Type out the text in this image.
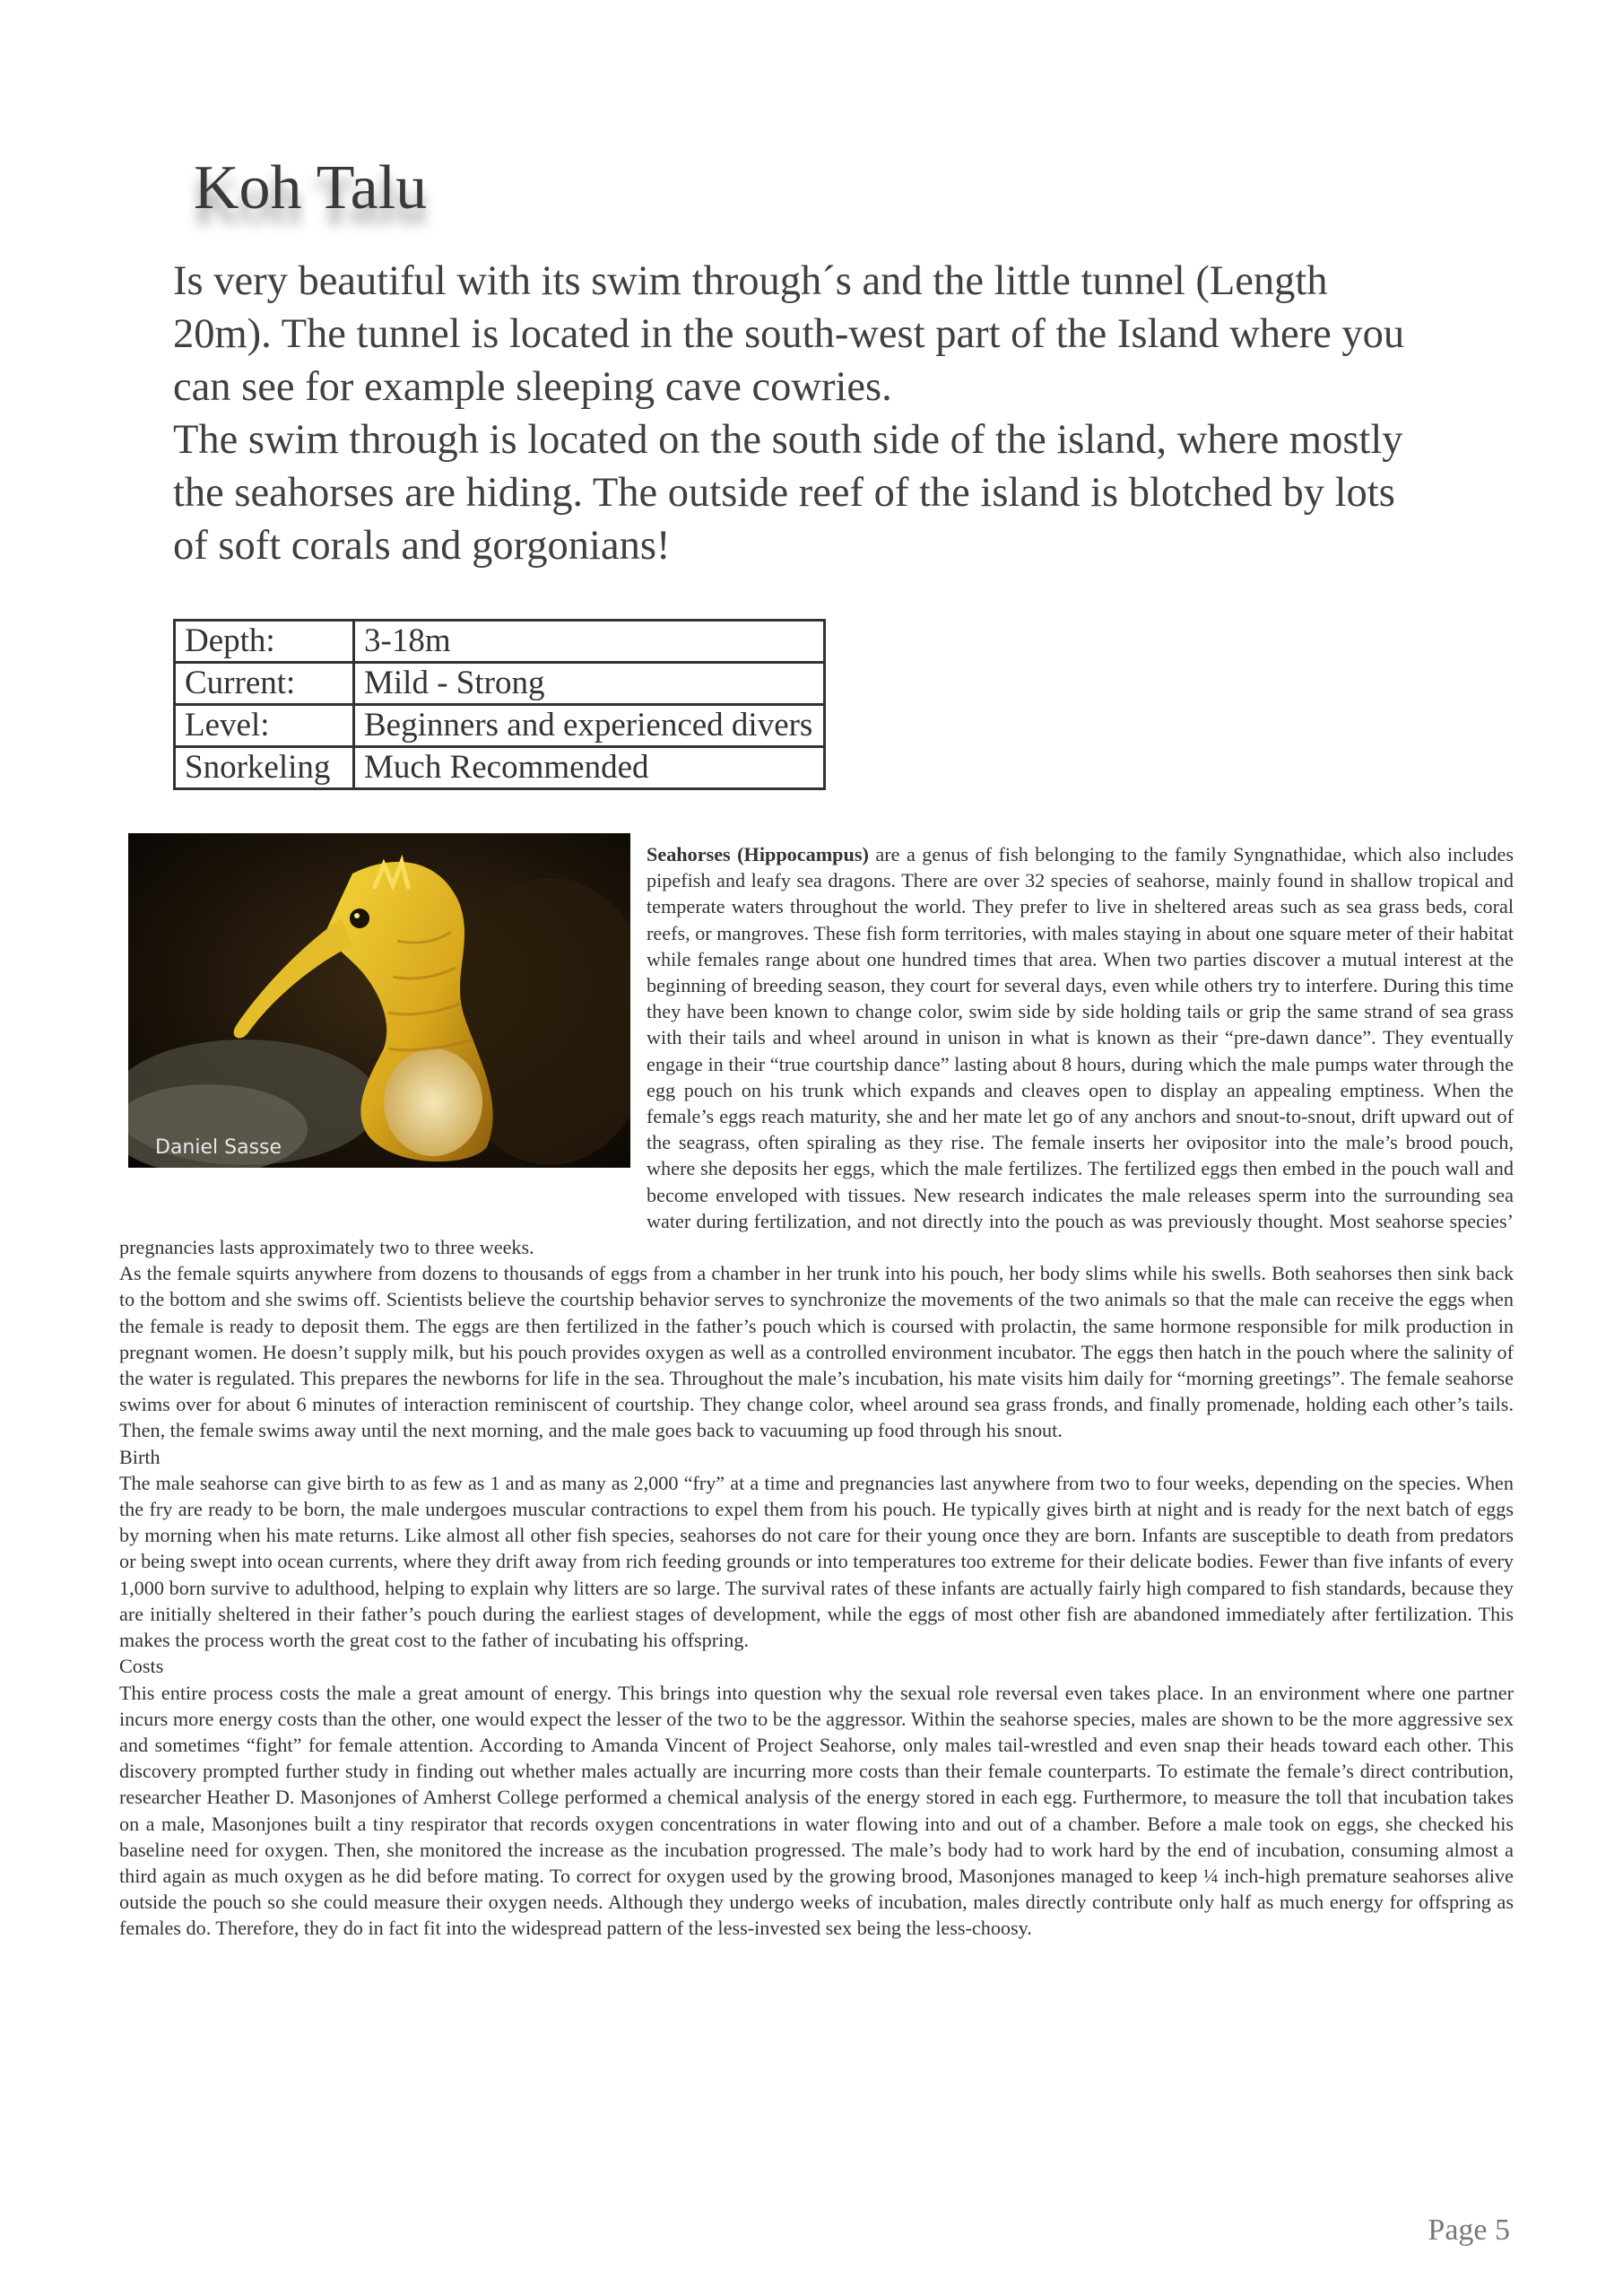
Koh Talu

Is very beautiful with its swim through´s and the little tunnel (Length 20m). The tunnel is located in the south-west part of the Island where you can see for example sleeping cave cowries.

The swim through is located on the south side of the island, where mostly the seahorses are hiding. The outside reef of the island is blotched by lots of soft corals and gorgonians!

Depth:	3-18m
Current:	Mild - Strong
Level:	Beginners and experienced divers
Snorkeling	Much Recommended
Daniel Sasse

Seahorses (Hippocampus) are a genus of fish belonging to the family Syngnathidae, which also includes pipefish and leafy sea dragons. There are over 32 species of seahorse, mainly found in shallow tropical and temperate waters throughout the world. They prefer to live in sheltered areas such as sea grass beds, coral reefs, or mangroves. These fish form territories, with males staying in about one square meter of their habitat while females range about one hundred times that area. When two parties discover a mutual interest at the beginning of breeding season, they court for several days, even while others try to interfere. During this time they have been known to change color, swim side by side holding tails or grip the same strand of sea grass with their tails and wheel around in unison in what is known as their “pre-dawn dance”. They eventually engage in their “true courtship dance” lasting about 8 hours, during which the male pumps water through the egg pouch on his trunk which expands and cleaves open to display an appealing emptiness. When the female’s eggs reach maturity, she and her mate let go of any anchors and snout-to-snout, drift upward out of the seagrass, often spiraling as they rise. The female inserts her ovipositor into the male’s brood pouch, where she deposits her eggs, which the male fertilizes. The fertilized eggs then embed in the pouch wall and become enveloped with tissues. New research indicates the male releases sperm into the surrounding sea water during fertilization, and not directly into the pouch as was previously thought. Most seahorse species’ pregnancies lasts approximately two to three weeks.

As the female squirts anywhere from dozens to thousands of eggs from a chamber in her trunk into his pouch, her body slims while his swells. Both seahorses then sink back to the bottom and she swims off. Scientists believe the courtship behavior serves to synchronize the movements of the two animals so that the male can receive the eggs when the female is ready to deposit them. The eggs are then fertilized in the father’s pouch which is coursed with prolactin, the same hormone responsible for milk production in pregnant women. He doesn’t supply milk, but his pouch provides oxygen as well as a controlled environment incubator. The eggs then hatch in the pouch where the salinity of the water is regulated. This prepares the newborns for life in the sea. Throughout the male’s incubation, his mate visits him daily for “morning greetings”. The female seahorse swims over for about 6 minutes of interaction reminiscent of courtship. They change color, wheel around sea grass fronds, and finally promenade, holding each other’s tails. Then, the female swims away until the next morning, and the male goes back to vacuuming up food through his snout.

Birth

The male seahorse can give birth to as few as 1 and as many as 2,000 “fry” at a time and pregnancies last anywhere from two to four weeks, depending on the species. When the fry are ready to be born, the male undergoes muscular contractions to expel them from his pouch. He typically gives birth at night and is ready for the next batch of eggs by morning when his mate returns. Like almost all other fish species, seahorses do not care for their young once they are born. Infants are susceptible to death from predators or being swept into ocean currents, where they drift away from rich feeding grounds or into temperatures too extreme for their delicate bodies. Fewer than five infants of every 1,000 born survive to adulthood, helping to explain why litters are so large. The survival rates of these infants are actually fairly high compared to fish standards, because they are initially sheltered in their father’s pouch during the earliest stages of development, while the eggs of most other fish are abandoned immediately after fertilization. This makes the process worth the great cost to the father of incubating his offspring.

Costs

This entire process costs the male a great amount of energy. This brings into question why the sexual role reversal even takes place. In an environment where one partner incurs more energy costs than the other, one would expect the lesser of the two to be the aggressor. Within the seahorse species, males are shown to be the more aggressive sex and sometimes “fight” for female attention. According to Amanda Vincent of Project Seahorse, only males tail-wrestled and even snap their heads toward each other. This discovery prompted further study in finding out whether males actually are incurring more costs than their female counterparts. To estimate the female’s direct contribution, researcher Heather D. Masonjones of Amherst College performed a chemical analysis of the energy stored in each egg. Furthermore, to measure the toll that incubation takes on a male, Masonjones built a tiny respirator that records oxygen concentrations in water flowing into and out of a chamber. Before a male took on eggs, she checked his baseline need for oxygen. Then, she monitored the increase as the incubation progressed. The male’s body had to work hard by the end of incubation, consuming almost a third again as much oxygen as he did before mating. To correct for oxygen used by the growing brood, Masonjones managed to keep ¼ inch-high premature seahorses alive outside the pouch so she could measure their oxygen needs. Although they undergo weeks of incubation, males directly contribute only half as much energy for offspring as females do. Therefore, they do in fact fit into the widespread pattern of the less-invested sex being the less-choosy.

Page 5
